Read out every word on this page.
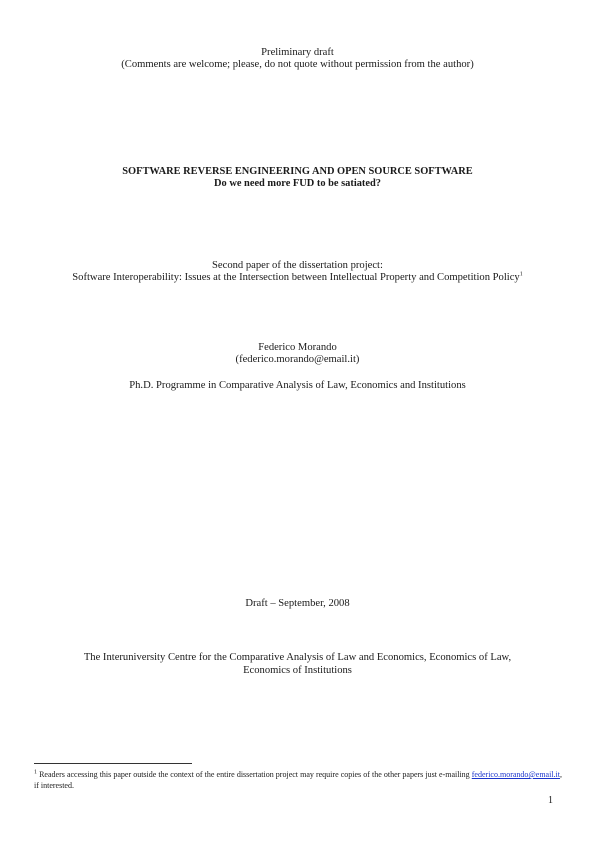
Preliminary draft
(Comments are welcome; please, do not quote without permission from the author)
SOFTWARE REVERSE ENGINEERING AND OPEN SOURCE SOFTWARE
Do we need more FUD to be satiated?
Second paper of the dissertation project:
Software Interoperability: Issues at the Intersection between Intellectual Property and Competition Policy$^1$
Federico Morando
(federico.morando@email.it)
Ph.D. Programme in Comparative Analysis of Law, Economics and Institutions
Draft – September, 2008
The Interuniversity Centre for the Comparative Analysis of Law and Economics, Economics of Law,
Economics of Institutions
$^1$ Readers accessing this paper outside the context of the entire dissertation project may require copies of the other papers just e-mailing federico.morando@email.it, if interested.
1
